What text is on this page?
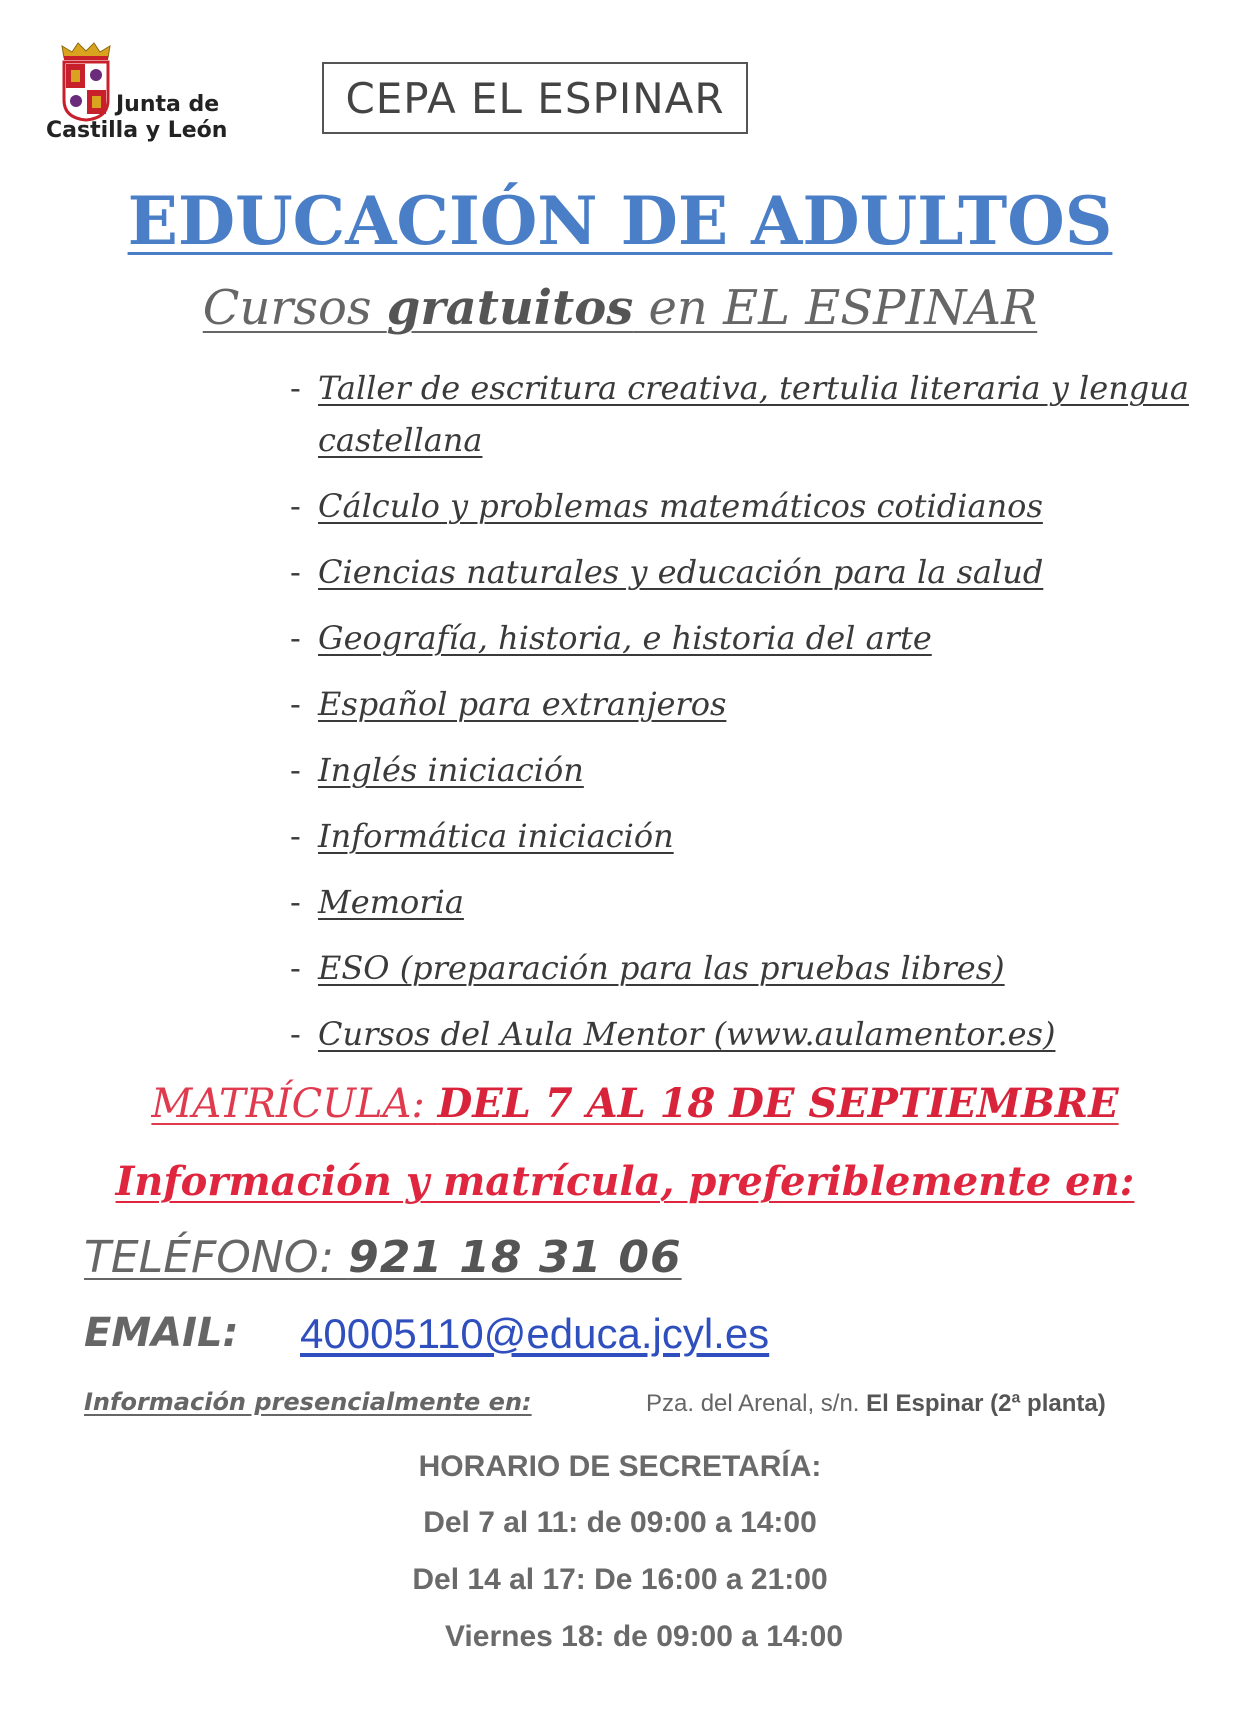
Junta de
Castilla y León
CEPA EL ESPINAR
EDUCACIÓN DE ADULTOS
Cursos gratuitos en EL ESPINAR
- Taller de escritura creativa, tertulia literaria y lengua castellana
- Cálculo y problemas matemáticos cotidianos
- Ciencias naturales y educación para la salud
- Geografía, historia, e historia del arte
- Español para extranjeros
- Inglés iniciación
- Informática iniciación
- Memoria
- ESO (preparación para las pruebas libres)
- Cursos del Aula Mentor (www.aulamentor.es)
MATRÍCULA: DEL 7 AL 18 DE SEPTIEMBRE
Información y matrícula, preferiblemente en:
TELÉFONO: 921 18 31 06
EMAIL: 40005110@educa.jcyl.es
Información presencialmente en:	Pza. del Arenal, s/n. El Espinar (2ª planta)
HORARIO DE SECRETARÍA:
Del 7 al 11: de 09:00 a 14:00
Del 14 al 17: De 16:00 a 21:00
Viernes 18: de 09:00 a 14:00
